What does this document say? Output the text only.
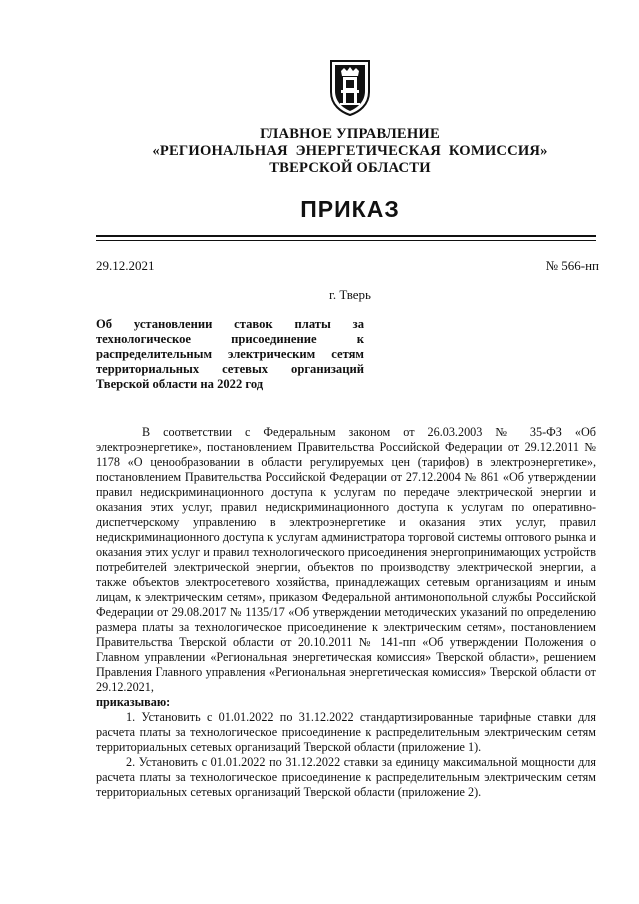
ГЛАВНОЕ УПРАВЛЕНИЕ
«РЕГИОНАЛЬНАЯ ЭНЕРГЕТИЧЕСКАЯ КОМИССИЯ»
ТВЕРСКОЙ ОБЛАСТИ
ПРИКАЗ
29.12.2021	№ 566-нп
г. Тверь
Об установлении ставок платы за
технологическое присоединение к
распределительным электрическим сетям
территориальных сетевых организаций
Тверской области на 2022 год

В соответствии с Федеральным законом от 26.03.2003 № 35-ФЗ «Об электроэнергетике», постановлением Правительства Российской Федерации от 29.12.2011 № 1178 «О ценообразовании в области регулируемых цен (тарифов) в электроэнергетике», постановлением Правительства Российской Федерации от 27.12.2004 № 861 «Об утверждении правил недискриминационного доступа к услугам по передаче электрической энергии и оказания этих услуг, правил недискриминационного доступа к услугам по оперативно-диспетчерскому управлению в электроэнергетике и оказания этих услуг, правил недискриминационного доступа к услугам администратора торговой системы оптового рынка и оказания этих услуг и правил технологического присоединения энергопринимающих устройств потребителей электрической энергии, объектов по производству электрической энергии, а также объектов электросетевого хозяйства, принадлежащих сетевым организациям и иным лицам, к электрическим сетям», приказом Федеральной антимонопольной службы Российской Федерации от 29.08.2017 № 1135/17 «Об утверждении методических указаний по определению размера платы за технологическое присоединение к электрическим сетям», постановлением Правительства Тверской области от 20.10.2011 № 141-пп «Об утверждении Положения о Главном управлении «Региональная энергетическая комиссия» Тверской области», решением Правления Главного управления «Региональная энергетическая комиссия» Тверской области от 29.12.2021,

приказываю:

1. Установить с 01.01.2022 по 31.12.2022 стандартизированные тарифные ставки для расчета платы за технологическое присоединение к распределительным электрическим сетям территориальных сетевых организаций Тверской области (приложение 1).

2. Установить с 01.01.2022 по 31.12.2022 ставки за единицу максимальной мощности для расчета платы за технологическое присоединение к распределительным электрическим сетям территориальных сетевых организаций Тверской области (приложение 2).
